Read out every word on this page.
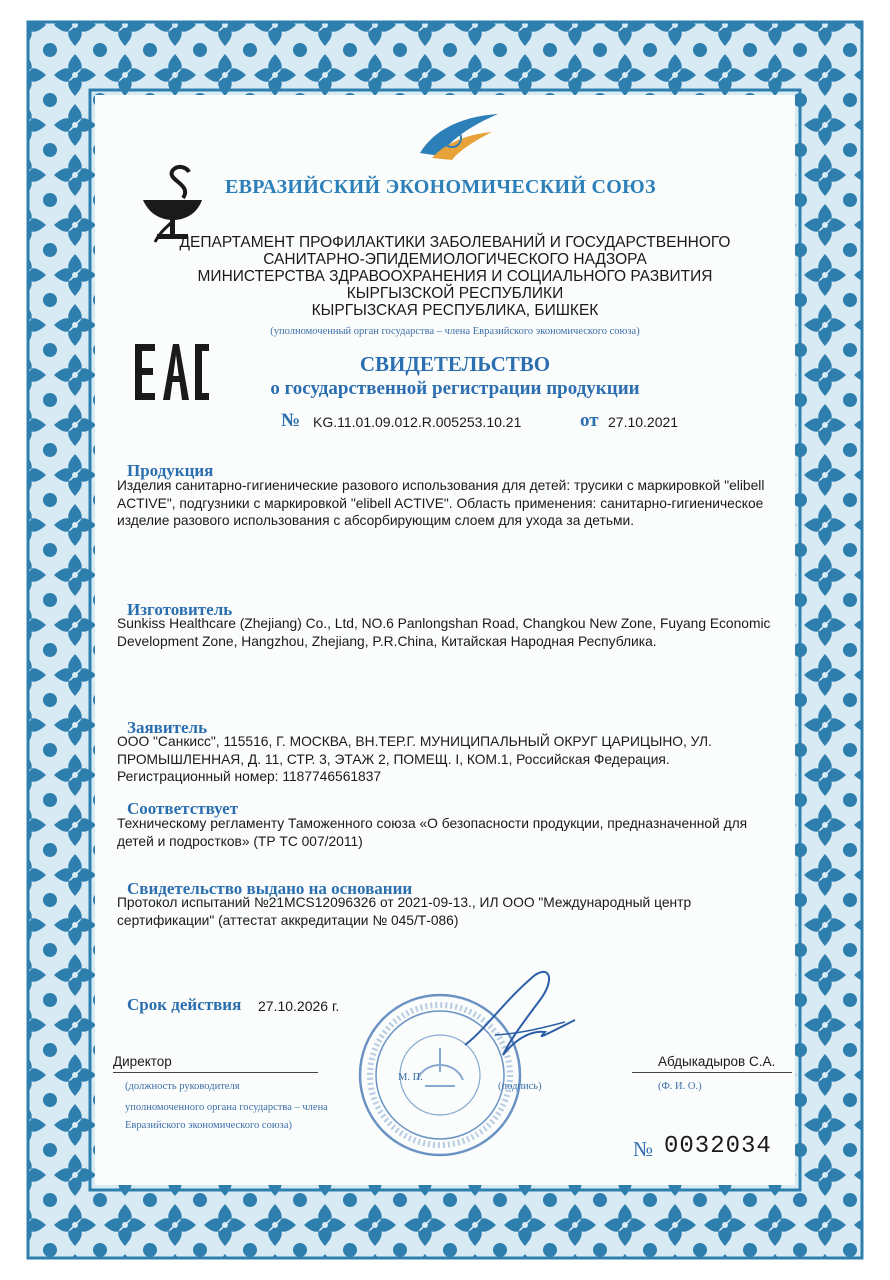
ЕВРАЗИЙСКИЙ ЭКОНОМИЧЕСКИЙ СОЮЗ
ДЕПАРТАМЕНТ ПРОФИЛАКТИКИ ЗАБОЛЕВАНИЙ И ГОСУДАРСТВЕННОГО
САНИТАРНО-ЭПИДЕМИОЛОГИЧЕСКОГО НАДЗОРА
МИНИСТЕРСТВА ЗДРАВООХРАНЕНИЯ И СОЦИАЛЬНОГО РАЗВИТИЯ
КЫРГЫЗСКОЙ РЕСПУБЛИКИ
КЫРГЫЗСКАЯ РЕСПУБЛИКА, БИШКЕК
(уполномоченный орган государства – члена Евразийского экономического союза)
СВИДЕТЕЛЬСТВО
о государственной регистрации продукции
№ KG.11.01.09.012.R.005253.10.21	от 27.10.2021
Продукция
Изделия санитарно-гигиенические разового использования для детей: трусики с маркировкой "elibell ACTIVE", подгузники с маркировкой "elibell ACTIVE". Область применения: санитарно-гигиеническое изделие разового использования с абсорбирующим слоем для ухода за детьми.
Изготовитель
Sunkiss Healthcare (Zhejiang) Co., Ltd, NO.6 Panlongshan Road, Changkou New Zone, Fuyang Economic Development Zone, Hangzhou, Zhejiang, P.R.China, Китайская Народная Республика.
Заявитель
ООО "Санкисс", 115516, Г. МОСКВА, ВН.ТЕР.Г. МУНИЦИПАЛЬНЫЙ ОКРУГ ЦАРИЦЫНО, УЛ. ПРОМЫШЛЕННАЯ, Д. 11, СТР. 3, ЭТАЖ 2, ПОМЕЩ. I, КОМ.1, Российская Федерация. Регистрационный номер: 1187746561837
Соответствует
Техническому регламенту Таможенного союза «О безопасности продукции, предназначенной для детей и подростков» (ТР ТС 007/2011)
Свидетельство выдано на основании
Протокол испытаний №21MCS12096326 от 2021-09-13., ИЛ ООО "Международный центр сертификации" (аттестат аккредитации № 045/Т-086)
Срок действия 27.10.2026 г.
Директор	Абдыкадыров С.А.
(должность руководителя
уполномоченного органа государства – члена
Евразийского экономического союза)
М. П.
(подпись)	(Ф. И. О.)
№ 0032034
